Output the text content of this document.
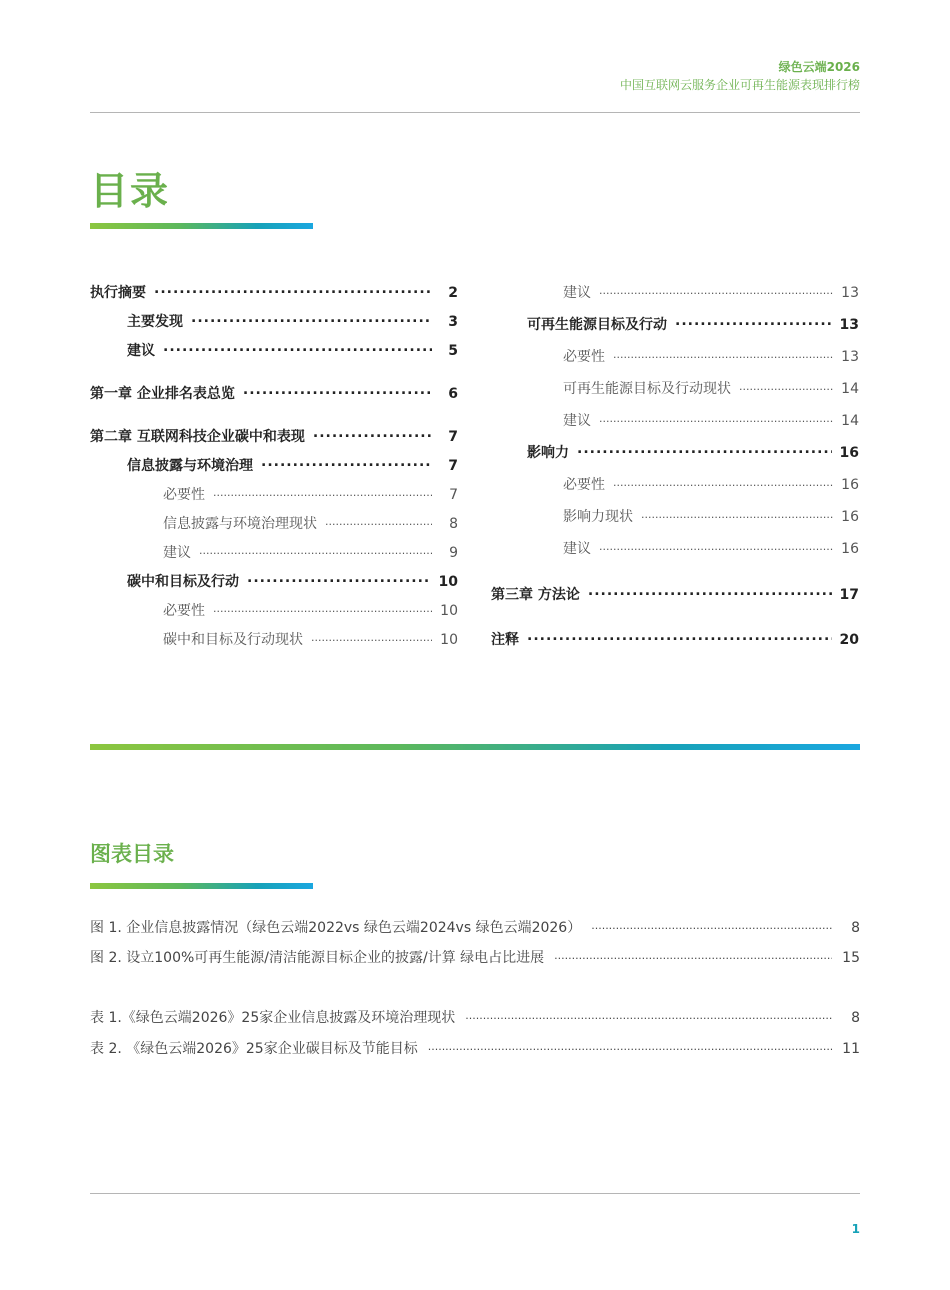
绿色云端2026
中国互联网云服务企业可再生能源表现排行榜
目录
执行摘要 .....	2
主要发现 .....	3
建议 .....	5
第一章 企业排名表总览 .....	6
第二章 互联网科技企业碳中和表现 .....	7
信息披露与环境治理 .....	7
必要性 .....	7
信息披露与环境治理现状 .....	8
建议 .....	9
碳中和目标及行动 .....	10
必要性 .....	10
碳中和目标及行动现状 .....	10
建议 .....	13
可再生能源目标及行动 .....	13
必要性 .....	13
可再生能源目标及行动现状 .....	14
建议 .....	14
影响力 .....	16
必要性 .....	16
影响力现状 .....	16
建议 .....	16
第三章 方法论 .....	17
注释 .....	20
图表目录
图 1. 企业信息披露情况（绿色云端2022vs 绿色云端2024vs 绿色云端2026） .....	8
图 2. 设立100%可再生能源/清洁能源目标企业的披露/计算 绿电占比进展 .....	15
表 1.《绿色云端2026》25家企业信息披露及环境治理现状 .....	8
表 2. 《绿色云端2026》25家企业碳目标及节能目标 .....	11
1
